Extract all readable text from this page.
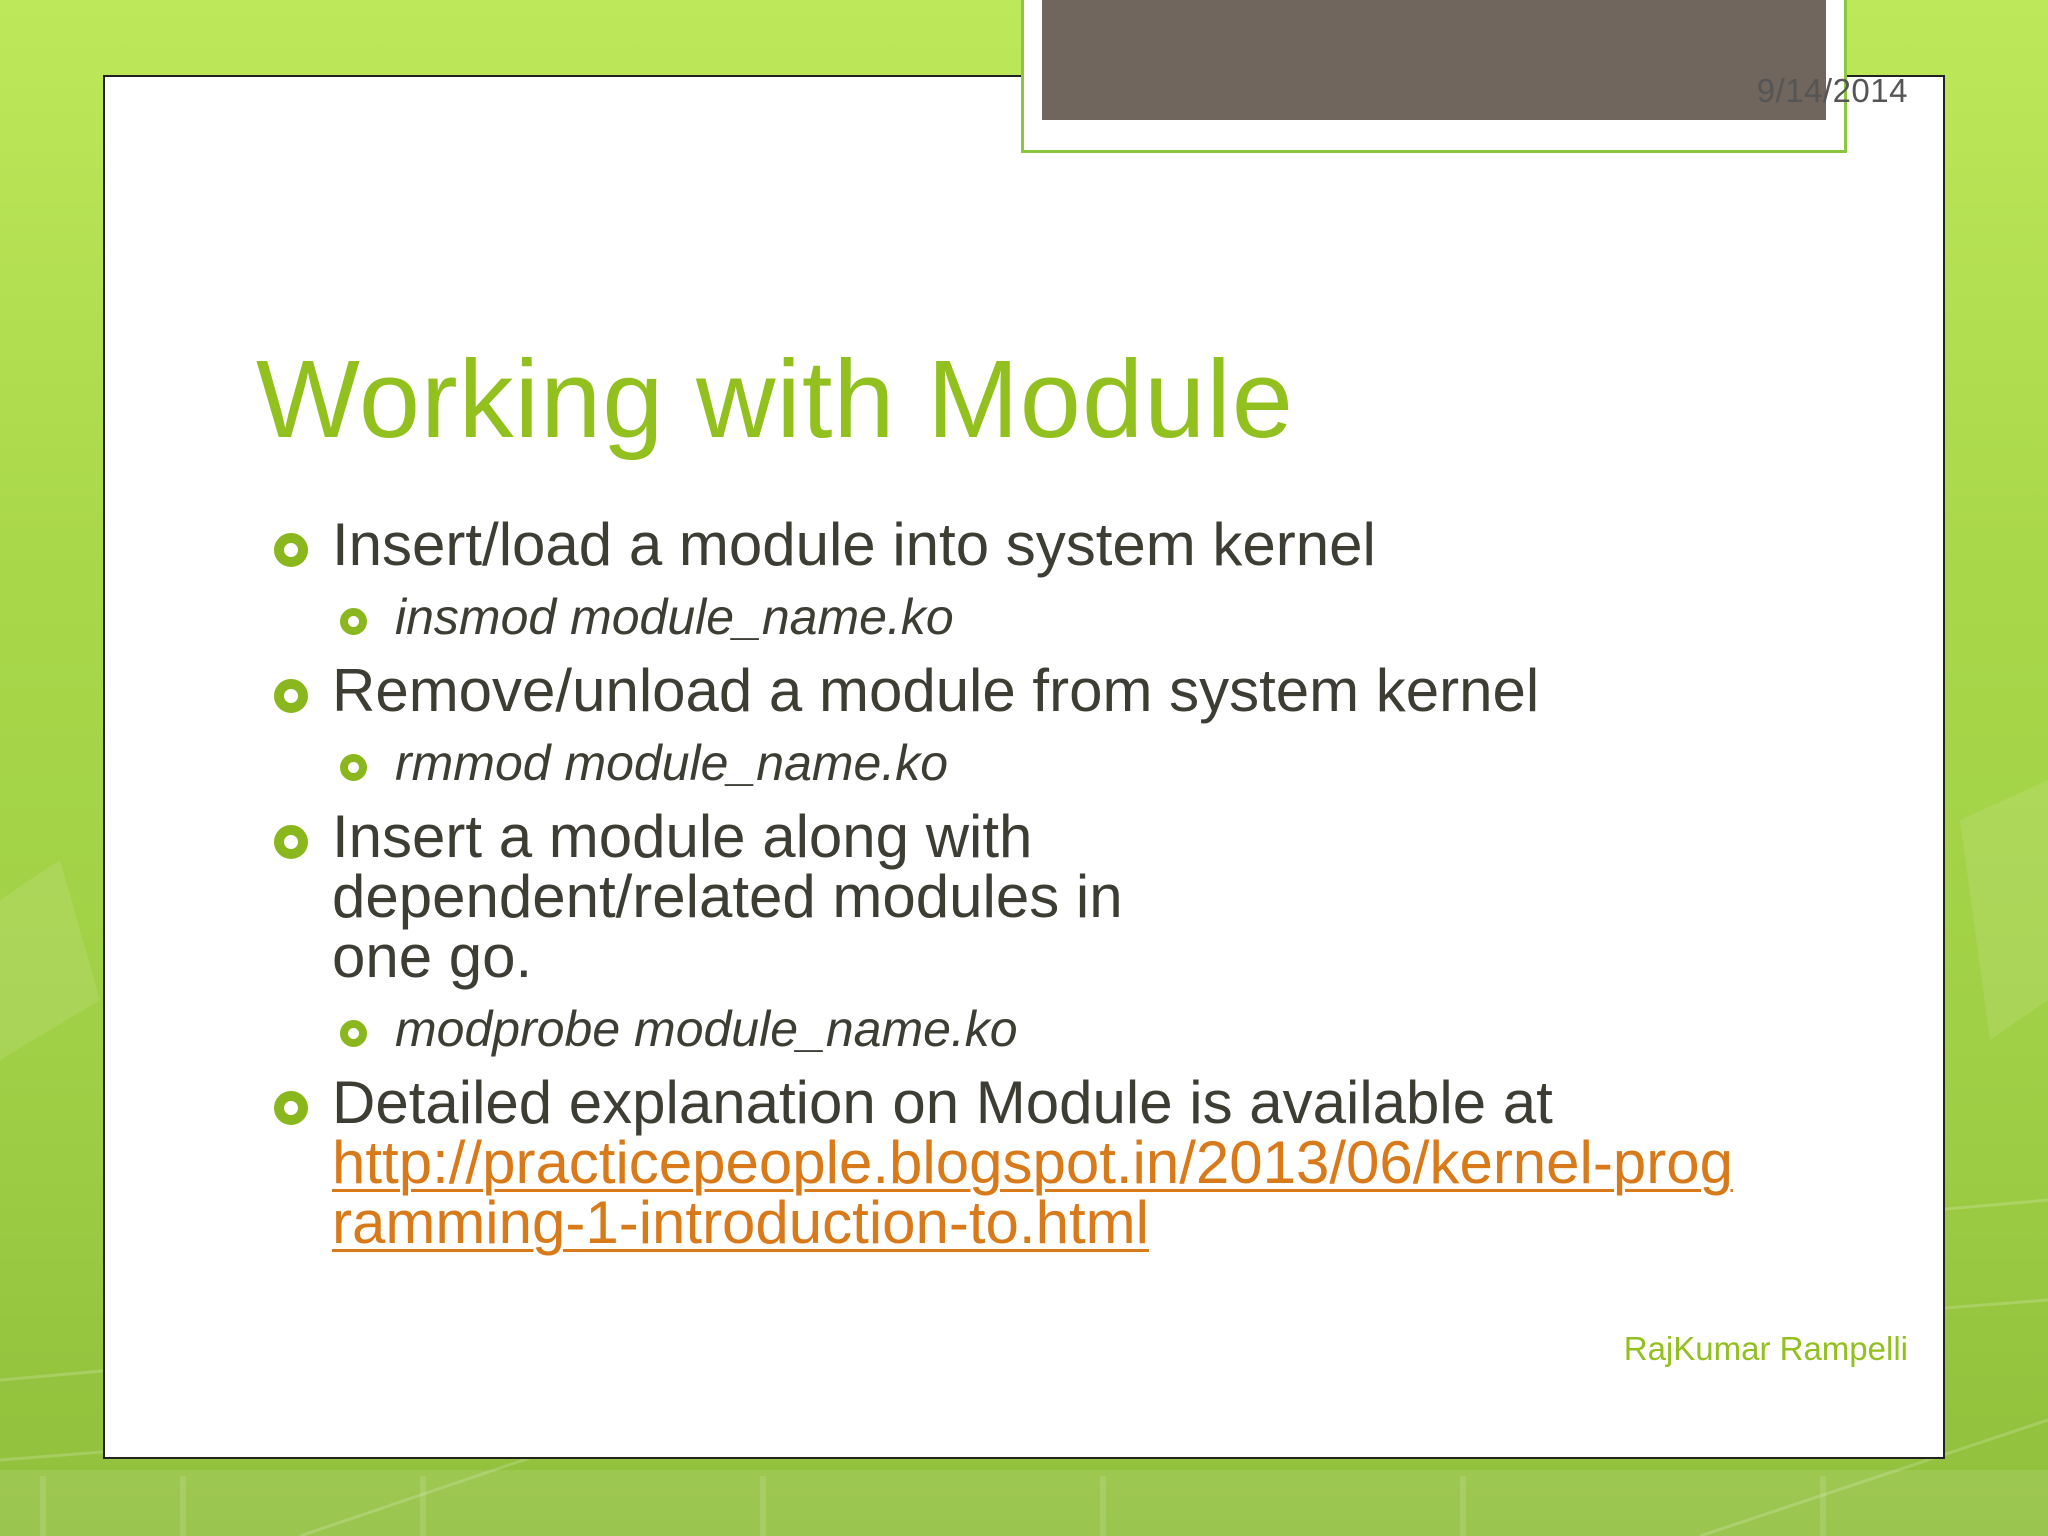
9/14/2014
Working with Module
Insert/load a module into system kernel
insmod module_name.ko
Remove/unload a module from system kernel
rmmod module_name.ko
Insert a module along with dependent/related modules in one go.
modprobe module_name.ko
Detailed explanation on Module is available at
http://practicepeople.blogspot.in/2013/06/kernel-programming-1-introduction-to.html
RajKumar Rampelli
